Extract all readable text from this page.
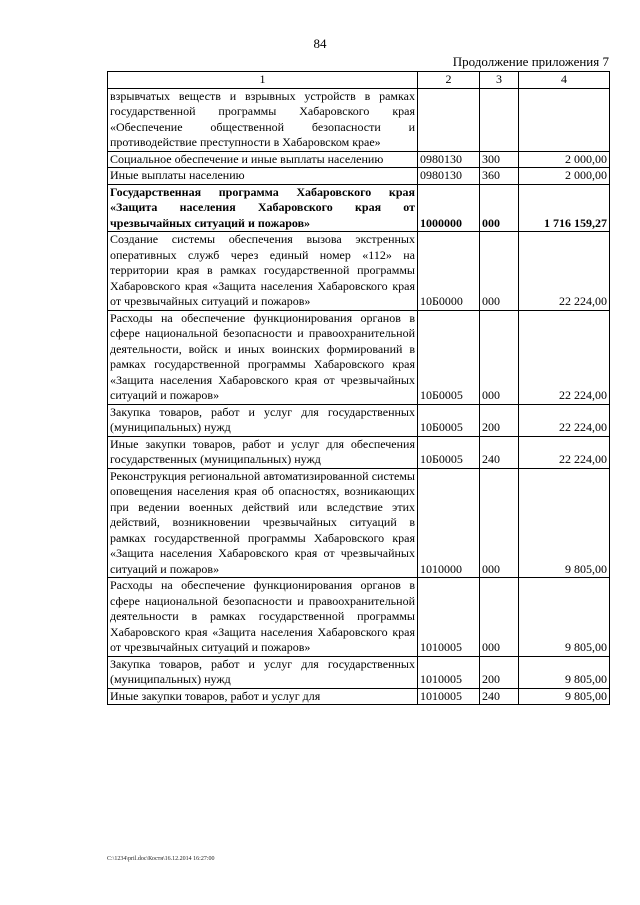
84
Продолжение приложения 7
1	2	3	4
взрывчатых веществ и взрывных устройств в рамках государственной программы Хабаровского края «Обеспечение общественной безопасности и противодействие преступности в Хабаровском крае»			
Социальное обеспечение и иные выплаты населению	0980130	300	2 000,00
Иные выплаты населению	0980130	360	2 000,00
Государственная программа Хабаровского края «Защита населения Хабаровского края от чрезвычайных ситуаций и пожаров»	1000000	000	1 716 159,27
Создание системы обеспечения вызова экстренных оперативных служб через единый номер «112» на территории края в рамках государственной программы Хабаровского края «Защита населения Хабаровского края от чрезвычайных ситуаций и пожаров»	10Б0000	000	22 224,00
Расходы на обеспечение функционирования органов в сфере национальной безопасности и правоохранительной деятельности, войск и иных воинских формирований в рамках государственной программы Хабаровского края «Защита населения Хабаровского края от чрезвычайных ситуаций и пожаров»	10Б0005	000	22 224,00
Закупка товаров, работ и услуг для государственных (муниципальных) нужд	10Б0005	200	22 224,00
Иные закупки товаров, работ и услуг для обеспечения государственных (муниципальных) нужд	10Б0005	240	22 224,00
Реконструкция региональной автоматизированной системы оповещения населения края об опасностях, возникающих при ведении военных действий или вследствие этих действий, возникновении чрезвычайных ситуаций в рамках государственной программы Хабаровского края «Защита населения Хабаровского края от чрезвычайных ситуаций и пожаров»	1010000	000	9 805,00
Расходы на обеспечение функционирования органов в сфере национальной безопасности и правоохранительной деятельности в рамках государственной программы Хабаровского края «Защита населения Хабаровского края от чрезвычайных ситуаций и пожаров»	1010005	000	9 805,00
Закупка товаров, работ и услуг для государственных (муниципальных) нужд	1010005	200	9 805,00
Иные закупки товаров, работ и услуг для	1010005	240	9 805,00
C:\1234\pril.doc\Костя\16.12.2014 16:27:00
